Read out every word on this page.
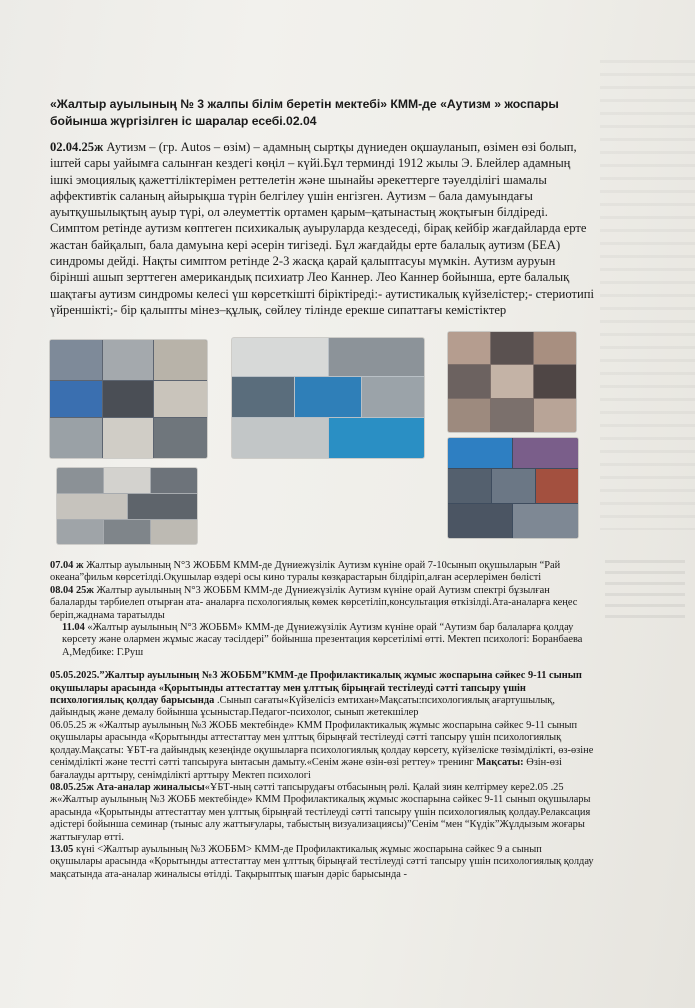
«Жалтыр ауылының № 3 жалпы білім беретін мектебі» КММ-де «Аутизм » жоспары бойынша жүргізілген іс шаралар есебі.02.04
02.04.25ж Аутизм – (гр. Autos – өзім) – адамның сыртқы дүниеден оқшауланып, өзімен өзі болып, іштей сары уайымға салынған кездегі көңіл – күйі.Бұл терминді 1912 жылы Э. Блейлер адамның ішкі эмоциялық қажеттіліктерімен реттелетін және шынайы әрекеттерге тәуелділігі шамалы аффективтік саланың айырықша түрін белгілеу үшін енгізген. Аутизм – бала дамуындағы ауытқушылықтың ауыр түрі, ол әлеуметтік ортамен қарым–қатынастың жоқтығын білдіреді. Симптом ретінде аутизм көптеген психикалық ауыруларда кездеседі, бірақ кейбір жағдайларда ерте жастан байқалып, бала дамуына кері әсерін тигізеді. Бұл жағдайды ерте балалық аутизм (БЕА) синдромы дейді. Нақты симптом ретінде 2-3 жасқа қарай қалыптасуы мүмкін. Аутизм ауруын бірінші ашып зерттеген американдық психиатр Лео Каннер. Лео Каннер бойынша, ерте балалық шақтағы аутизм синдромы келесі үш көрсеткішті біріктіреді:- аутистикалық күйзелістер;- стериотипі үйреншікті;- бір қалыпты мінез–құлық, сөйлеу тілінде ерекше сипаттағы кемістіктер

07.04 ж Жалтыр ауылының N°3 ЖОББМ КММ-де Дүниежүзілік Аутизм күніне орай 7-10сынып оқушыларын “Рай океана”фильм көрсетілді.Оқушылар өздері осы кино туралы көзқарастарын білдіріп,алған әсерлерімен бөлісті

08.04 25ж Жалтыр ауылының N°3 ЖОББМ КММ-де Дүниежүзілік Аутизм күніне орай Аутизм спектрі бұзылған балаларды тәрбиелеп отырған ата- аналарға псхологиялық көмек көрсетіліп,консультация өткізілді.Ата-аналарға кеңес беріп,жаднама таратылды

11.04 «Жалтыр ауылының N°3 ЖОББМ» КММ-де Дүниежүзілік Аутизм күніне орай “Аутизм бар балаларға қолдау көрсету және олармен жұмыс жасау тәсілдері” бойынша презентация көрсетілімі өтті. Мектеп психологі: Боранбаева А,Медбике: Г.Руш

05.05.2025.”Жалтыр ауылының №3 ЖОББМ”КММ-де Профилактикалық жұмыс жоспарына сәйкес 9-11 сынып оқушылары арасында «Қорытынды аттестаттау мен ұлттық бірыңғай тестілеуді сәтті тапсыру үшін психологиялық қолдау барысында .Сынып сағаты«Күйзелісіз емтихан»Мақсаты:психологиялық ағартушылық, дайындық және демалу бойынша ұсыныстар.Педагог-психолог, сынып жетекшілер

06.05.25 ж «Жалтыр ауылының №3 ЖОББ мектебінде» КММ Профилактикалық жұмыс жоспарына сәйкес 9-11 сынып оқушылары арасында «Қорытынды аттестаттау мен ұлттық бірыңғай тестілеуді сәтті тапсыру үшін психологиялық қолдау.Мақсаты: ҰБТ-ға дайындық кезеңінде оқушыларға психологиялық қолдау көрсету, күйзеліске төзімділікті, өз-өзіне сенімділікті және тестті сәтті тапсыруға ынтасын дамыту.«Сенім және өзін-өзі реттеу» тренинг Мақсаты: Өзін-өзі бағалауды арттыру, сенімділікті арттыру Мектеп психологі

08.05.25ж Ата-аналар жиналысы«ҰБТ-ның сәтті тапсырудағы отбасының рөлі. Қалай зиян келтірмеу кере2.05 .25 ж«Жалтыр ауылының №3 ЖОББ мектебінде» КММ Профилактикалық жұмыс жоспарына сәйкес 9-11 сынып оқушылары арасында «Қорытынды аттестаттау мен ұлттық бірыңғай тестілеуді сәтті тапсыру үшін психологиялық қолдау.Релаксация әдістері бойынша семинар (тыныс алу жаттығулары, табыстың визуализациясы)”Сенім “мен “Күдік”Жұлдызым жоғары жаттығулар өтті.

13.05 күні <Жалтыр ауылының №3 ЖОББМ> КММ-де Профилактикалық жұмыс жоспарына сәйкес 9 а сынып оқушылары арасында «Қорытынды аттестаттау мен ұлттық бірыңғай тестілеуді сәтті тапсыру үшін психологиялық қолдау мақсатында ата-аналар жиналысы өтілді. Тақырыптық шағын дәріс барысында -
